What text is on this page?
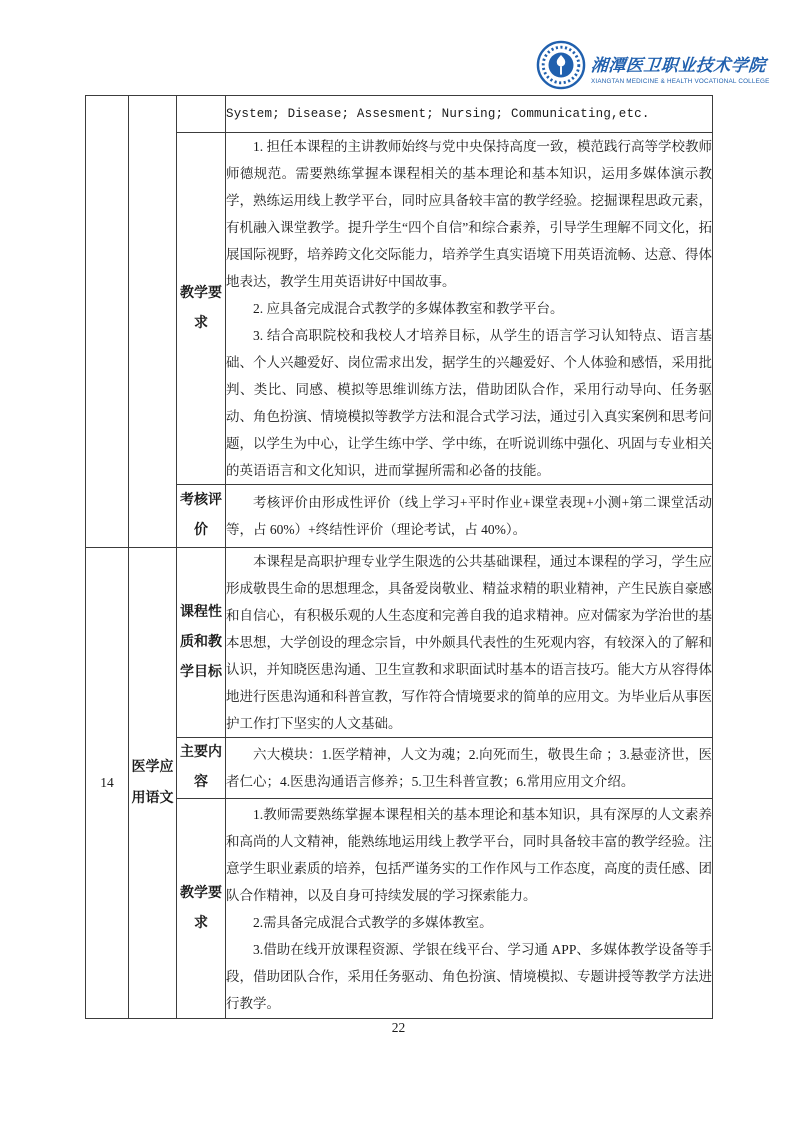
湘潭医卫职业技术学院
XIANGTAN MEDICINE & HEALTH VOCATIONAL COLLEGE
			System; Disease; Assesment; Nursing; Communicating,etc.
		教学要求	1. 担任本课程的主讲教师始终与党中央保持高度一致，模范践行高等学校教师师德规范。需要熟练掌握本课程相关的基本理论和基本知识，运用多媒体演示教学，熟练运用线上教学平台，同时应具备较丰富的教学经验。挖掘课程思政元素，有机融入课堂教学。提升学生“四个自信”和综合素养，引导学生理解不同文化，拓展国际视野，培养跨文化交际能力，培养学生真实语境下用英语流畅、达意、得体地表达，教学生用英语讲好中国故事。

2. 应具备完成混合式教学的多媒体教室和教学平台。

3. 结合高职院校和我校人才培养目标，从学生的语言学习认知特点、语言基础、个人兴趣爱好、岗位需求出发，据学生的兴趣爱好、个人体验和感悟，采用批判、类比、同感、模拟等思维训练方法，借助团队合作，采用行动导向、任务驱动、角色扮演、情境模拟等教学方法和混合式学习法，通过引入真实案例和思考问题，以学生为中心，让学生练中学、学中练，在听说训练中强化、巩固与专业相关的英语语言和文化知识，进而掌握所需和必备的技能。

		考核评价	考核评价由形成性评价（线上学习+平时作业+课堂表现+小测+第二课堂活动等，占 60%）+终结性评价（理论考试，占 40%）。

14	医学应用语文	课程性质和教学目标	本课程是高职护理专业学生限选的公共基础课程，通过本课程的学习，学生应形成敬畏生命的思想理念，具备爱岗敬业、精益求精的职业精神，产生民族自豪感和自信心，有积极乐观的人生态度和完善自我的追求精神。应对儒家为学治世的基本思想，大学创设的理念宗旨，中外颇具代表性的生死观内容，有较深入的了解和认识，并知晓医患沟通、卫生宣教和求职面试时基本的语言技巧。能大方从容得体地进行医患沟通和科普宣教，写作符合情境要求的简单的应用文。为毕业后从事医护工作打下坚实的人文基础。

		主要内容	六大模块：1.医学精神，人文为魂；2.向死而生，敬畏生命 ；3.悬壶济世，医者仁心；4.医患沟通语言修养；5.卫生科普宣教；6.常用应用文介绍。

		教学要求	1.教师需要熟练掌握本课程相关的基本理论和基本知识，具有深厚的人文素养和高尚的人文精神，能熟练地运用线上教学平台，同时具备较丰富的教学经验。注意学生职业素质的培养，包括严谨务实的工作作风与工作态度，高度的责任感、团队合作精神，以及自身可持续发展的学习探索能力。

2.需具备完成混合式教学的多媒体教室。

3.借助在线开放课程资源、学银在线平台、学习通 APP、多媒体教学设备等手段，借助团队合作，采用任务驱动、角色扮演、情境模拟、专题讲授等教学方法进行教学。

22
